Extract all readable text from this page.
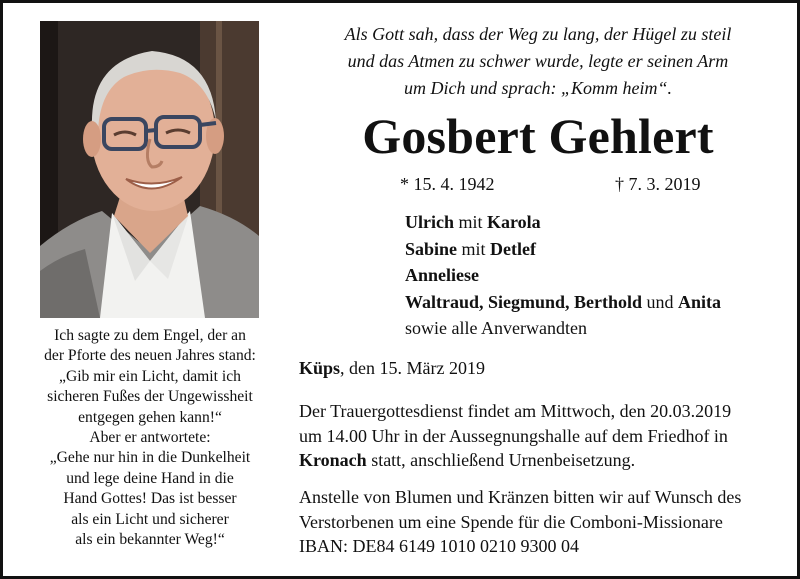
Ich sagte zu dem Engel, der an
der Pforte des neuen Jahres stand:
„Gib mir ein Licht, damit ich
sicheren Fußes der Ungewissheit
entgegen gehen kann!“
Aber er antwortete:
„Gehe nur hin in die Dunkelheit
und lege deine Hand in die
Hand Gottes! Das ist besser
als ein Licht und sicherer
als ein bekannter Weg!“
Als Gott sah, dass der Weg zu lang, der Hügel zu steil
und das Atmen zu schwer wurde, legte er seinen Arm
um Dich und sprach: „Komm heim“.
Gosbert Gehlert
* 15. 4. 1942	† 7. 3. 2019
Ulrich mit Karola
Sabine mit Detlef
Anneliese
Waltraud, Siegmund, Berthold und Anita
sowie alle Anverwandten
Küps, den 15. März 2019
Der Trauergottesdienst findet am Mittwoch, den 20.03.2019
um 14.00 Uhr in der Aussegnungshalle auf dem Friedhof in
Kronach statt, anschließend Urnenbeisetzung.
Anstelle von Blumen und Kränzen bitten wir auf Wunsch des
Verstorbenen um eine Spende für die Comboni-Missionare
IBAN: DE84 6149 1010 0210 9300 04
